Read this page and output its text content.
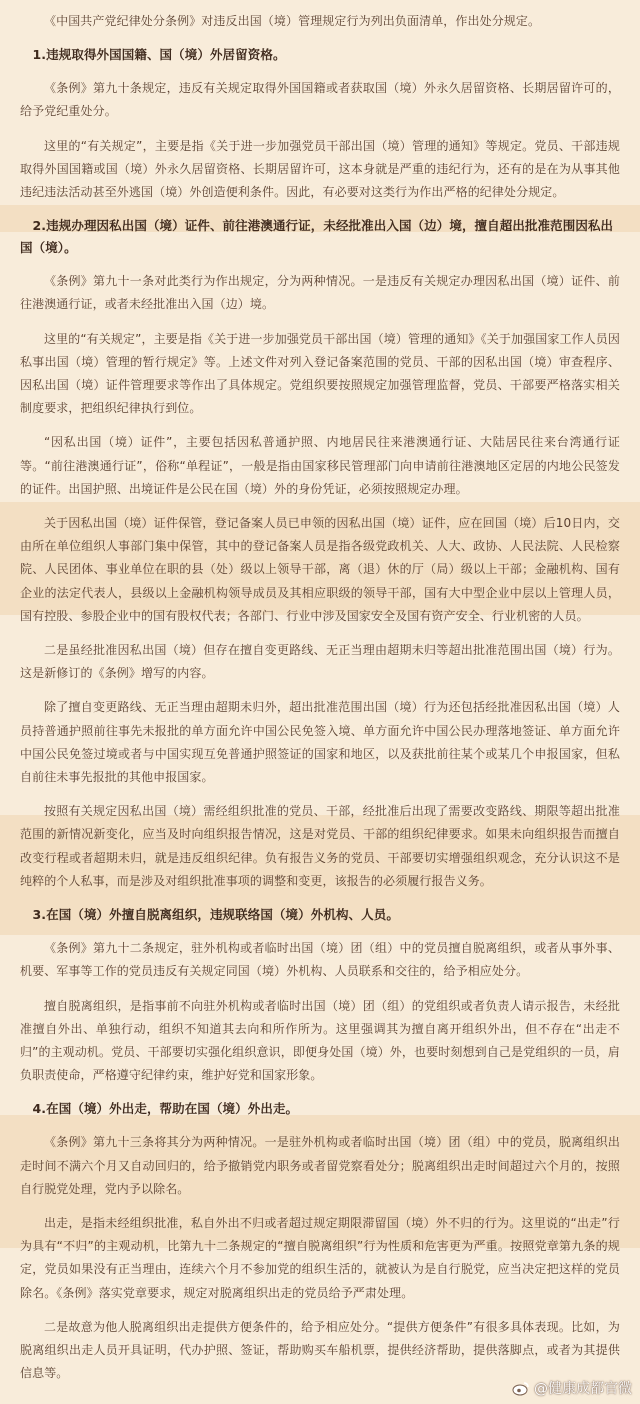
《中国共产党纪律处分条例》对违反出国（境）管理规定行为列出负面清单，作出处分规定。

1.违规取得外国国籍、国（境）外居留资格。

《条例》第九十条规定，违反有关规定取得外国国籍或者获取国（境）外永久居留资格、长期居留许可的，给予党纪重处分。

这里的“有关规定”，主要是指《关于进一步加强党员干部出国（境）管理的通知》等规定。党员、干部违规取得外国国籍或国（境）外永久居留资格、长期居留许可，这本身就是严重的违纪行为，还有的是在为从事其他违纪违法活动甚至外逃国（境）外创造便利条件。因此，有必要对这类行为作出严格的纪律处分规定。

2.违规办理因私出国（境）证件、前往港澳通行证，未经批准出入国（边）境，擅自超出批准范围因私出国（境）。

《条例》第九十一条对此类行为作出规定，分为两种情况。一是违反有关规定办理因私出国（境）证件、前往港澳通行证，或者未经批准出入国（边）境。

这里的“有关规定”，主要是指《关于进一步加强党员干部出国（境）管理的通知》《关于加强国家工作人员因私事出国（境）管理的暂行规定》等。上述文件对列入登记备案范围的党员、干部的因私出国（境）审查程序、因私出国（境）证件管理要求等作出了具体规定。党组织要按照规定加强管理监督，党员、干部要严格落实相关制度要求，把组织纪律执行到位。

“因私出国（境）证件”，主要包括因私普通护照、内地居民往来港澳通行证、大陆居民往来台湾通行证等。“前往港澳通行证”，俗称“单程证”，一般是指由国家移民管理部门向申请前往港澳地区定居的内地公民签发的证件。出国护照、出境证件是公民在国（境）外的身份凭证，必须按照规定办理。

关于因私出国（境）证件保管，登记备案人员已申领的因私出国（境）证件，应在回国（境）后10日内，交由所在单位组织人事部门集中保管，其中的登记备案人员是指各级党政机关、人大、政协、人民法院、人民检察院、人民团体、事业单位在职的县（处）级以上领导干部，离（退）休的厅（局）级以上干部；金融机构、国有企业的法定代表人，县级以上金融机构领导成员及其相应职级的领导干部，国有大中型企业中层以上管理人员，国有控股、参股企业中的国有股权代表；各部门、行业中涉及国家安全及国有资产安全、行业机密的人员。

二是虽经批准因私出国（境）但存在擅自变更路线、无正当理由超期未归等超出批准范围出国（境）行为。这是新修订的《条例》增写的内容。

除了擅自变更路线、无正当理由超期未归外，超出批准范围出国（境）行为还包括经批准因私出国（境）人员持普通护照前往事先未报批的单方面允许中国公民免签入境、单方面允许中国公民办理落地签证、单方面允许中国公民免签过境或者与中国实现互免普通护照签证的国家和地区，以及获批前往某个或某几个申报国家，但私自前往未事先报批的其他申报国家。

按照有关规定因私出国（境）需经组织批准的党员、干部，经批准后出现了需要改变路线、期限等超出批准范围的新情况新变化，应当及时向组织报告情况，这是对党员、干部的组织纪律要求。如果未向组织报告而擅自改变行程或者超期未归，就是违反组织纪律。负有报告义务的党员、干部要切实增强组织观念，充分认识这不是纯粹的个人私事，而是涉及对组织批准事项的调整和变更，该报告的必须履行报告义务。

3.在国（境）外擅自脱离组织，违规联络国（境）外机构、人员。

《条例》第九十二条规定，驻外机构或者临时出国（境）团（组）中的党员擅自脱离组织，或者从事外事、机要、军事等工作的党员违反有关规定同国（境）外机构、人员联系和交往的，给予相应处分。

擅自脱离组织，是指事前不向驻外机构或者临时出国（境）团（组）的党组织或者负责人请示报告，未经批准擅自外出、单独行动，组织不知道其去向和所作所为。这里强调其为擅自离开组织外出，但不存在“出走不归”的主观动机。党员、干部要切实强化组织意识，即便身处国（境）外，也要时刻想到自己是党组织的一员，肩负职责使命，严格遵守纪律约束，维护好党和国家形象。

4.在国（境）外出走，帮助在国（境）外出走。

《条例》第九十三条将其分为两种情况。一是驻外机构或者临时出国（境）团（组）中的党员，脱离组织出走时间不满六个月又自动回归的，给予撤销党内职务或者留党察看处分；脱离组织出走时间超过六个月的，按照自行脱党处理，党内予以除名。

出走，是指未经组织批准，私自外出不归或者超过规定期限滞留国（境）外不归的行为。这里说的“出走”行为具有“不归”的主观动机，比第九十二条规定的“擅自脱离组织”行为性质和危害更为严重。按照党章第九条的规定，党员如果没有正当理由，连续六个月不参加党的组织生活的，就被认为是自行脱党，应当决定把这样的党员除名。《条例》落实党章要求，规定对脱离组织出走的党员给予严肃处理。

二是故意为他人脱离组织出走提供方便条件的，给予相应处分。“提供方便条件”有很多具体表现。比如，为脱离组织出走人员开具证明，代办护照、签证，帮助购买车船机票，提供经济帮助，提供落脚点，或者为其提供信息等。

@健康成都官微
